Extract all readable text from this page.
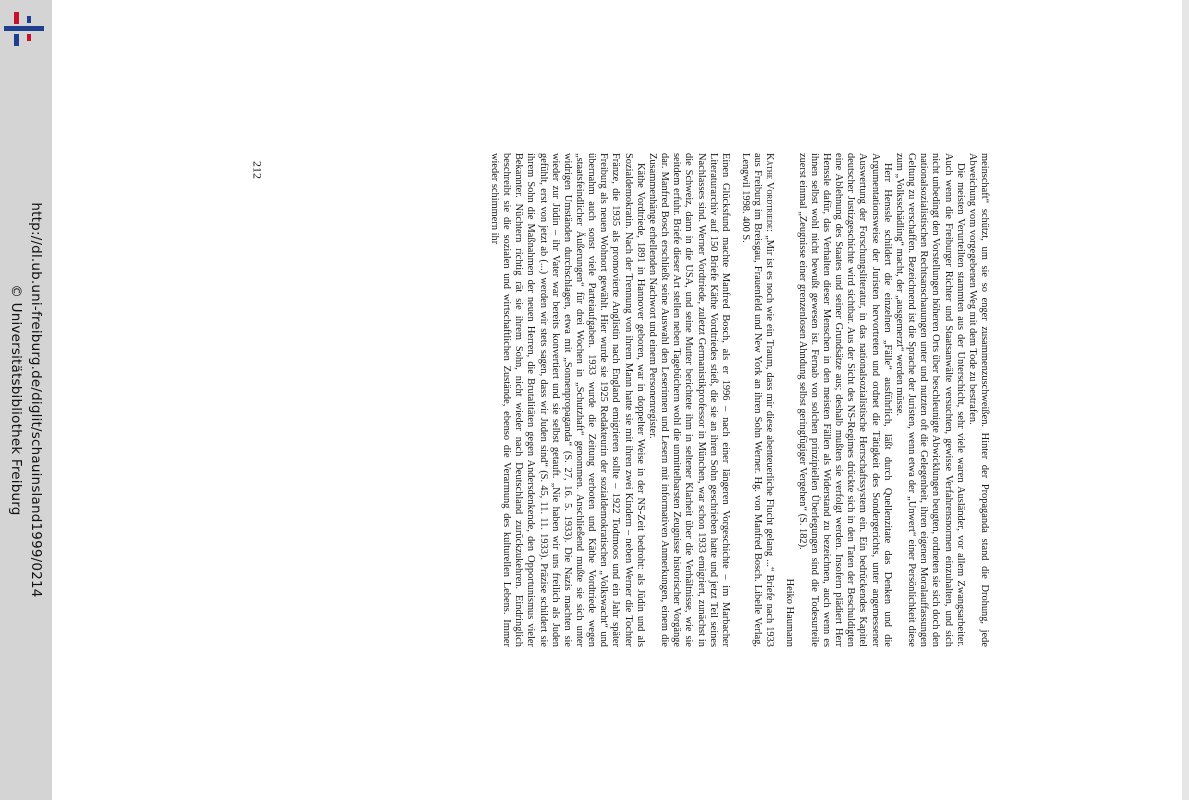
http://dl.ub.uni-freiburg.de/diglit/schauinsland1999/0214
© Universitätsbibliothek Freiburg
212	meinschaft“ schützt, um sie so enger zusammenzuschweißen. Hinter der Propaganda stand die Drohung, jede Abweichung vom vorgegebenen Weg mit dem Tode zu bestrafen.

Die meisten Verurteilten stammten aus der Unterschicht, sehr viele waren Ausländer, vor allem Zwangsarbeiter. Auch wenn die Freiburger Richter und Staatsanwälte versuchten, gewisse Verfahrensnormen einzuhalten, und sich nicht unbedingt den Vorstellungen höheren Orts über beschleunigte Abwicklungen beugten, ordneten sie sich doch den nationalsozialistischen Rechtsanschauungen unter und nutzten oft die Gelegenheit, ihren eigenen Moralauffassungen Geltung zu verschaffen. Bezeichnend ist die Sprache der Juristen, wenn etwa der „Unwert“ einer Persönlichkeit diese zum „Volksschädling“ macht, der „ausgemerzt“ werden müsse.

Herr Henssle schildert die einzelnen „Fälle“ ausführlich, läßt durch Quellenzitate das Denken und die Argumentationsweise der Juristen hervortreten und ordnet die Tätigkeit des Sondergerichts, unter angemessener Auswertung der Forschungsliteratur, in das nationalsozialistische Herrschaftssystem ein. Ein bedrückendes Kapitel deutscher Justizgeschichte wird sichtbar. Aus der Sicht des NS-Regimes drückte sich in den Taten der Beschuldigten eine Ablehnung des Staates und seiner Grundsätze aus; deshalb mußten sie verfolgt werden. Insofern plädiert Herr Henssle dafür, das Verhalten dieser Menschen in den meisten Fällen als Widerstand zu bezeichnen, auch wenn es ihnen selbst wohl nicht bewußt gewesen ist. Fernab von solchen prinzipiellen Überlegungen sind die Todesurteile zuerst einmal „Zeugnisse einer grenzenlosen Ahndung selbst geringfügiger Vergehen“ (S. 182).

Heiko Haumann

Käthe Vordtriede: „Mir ist es noch wie ein Traum, dass mir diese abenteuerliche Flucht gelang ...“ Briefe nach 1933 aus Freiburg im Breisgau, Frauenfeld und New York an ihren Sohn Werner. Hg. von Manfred Bosch. Libelle Verlag, Lengwil 1998. 400 S.

Einen Glücksfund machte Manfred Bosch, als er 1996 – nach einer längeren Vorgeschichte – im Marbacher Literaturarchiv auf 150 Briefe Käthe Vordtriedes stieß, die sie an ihren Sohn geschrieben hatte und jetzt Teil seines Nachlasses sind. Werner Vordtriede, zuletzt Germanistikprofessor in München, war schon 1933 emigriert, zunächst in die Schweiz, dann in die USA, und seine Mutter berichtete ihm in seltener Klarheit über die Verhältnisse, wie sie seitdem erfuhr. Briefe dieser Art stellen neben Tagebüchern wohl die unmittelbarsten Zeugnisse historischer Vorgänge dar. Manfred Bosch erschließt seine Auswahl den Leserinnen und Lesern mit informativen Anmerkungen, einem die Zusammenhänge erhellenden Nachwort und einem Personenregister.

Käthe Vordtriede, 1891 in Hannover geboren, war in doppelter Weise in der NS-Zeit bedroht: als Jüdin und als Sozialdemokratin. Nach der Trennung von ihrem Mann hatte sie mit ihren zwei Kindern – neben Werner die Tochter Fränze, die 1935 als promovierte Anglistin nach England emigrieren sollte – 1922 Todtmoos und ein Jahr später Freiburg als neuen Wohnort gewählt. Hier wurde sie 1925 Redakteurin der sozialdemokratischen „Volkswacht“ und übernahm auch sonst viele Parteiaufgaben. 1933 wurde die Zeitung verboten und Käthe Vordtriede wegen „staatsfeindlicher Äußerungen“ für drei Wochen in „Schutzhaft“ genommen. Anschließend mußte sie sich unter widrigen Umständen durchschlagen, etwa mit „Sonnenpropaganda“ (S. 27, 16. 5. 1933). Die Nazis machten sie wieder zur Jüdin – ihr Vater war bereits konvertiert und sie selbst getauft. „Nie haben wir uns freilich als Juden gefühlt, erst von jetzt ab (...) werden wir stets sagen, dass wir Juden sind“ (S. 45, 11. 11. 1933). Präzise schildert sie ihrem Sohn die Maßnahmen der neuen Herren, die Brutalitäten gegen Andersdenkende, den Opportunismus vieler Bekannter. Nüchtern richtig rät sie ihrem Sohn, nicht wieder nach Deutschland zurückzukehren. Eindringlich beschreibt sie die sozialen und wirtschaftlichen Zustände, ebenso die Verarmung des kulturellen Lebens. Immer wieder schimmern ihr
